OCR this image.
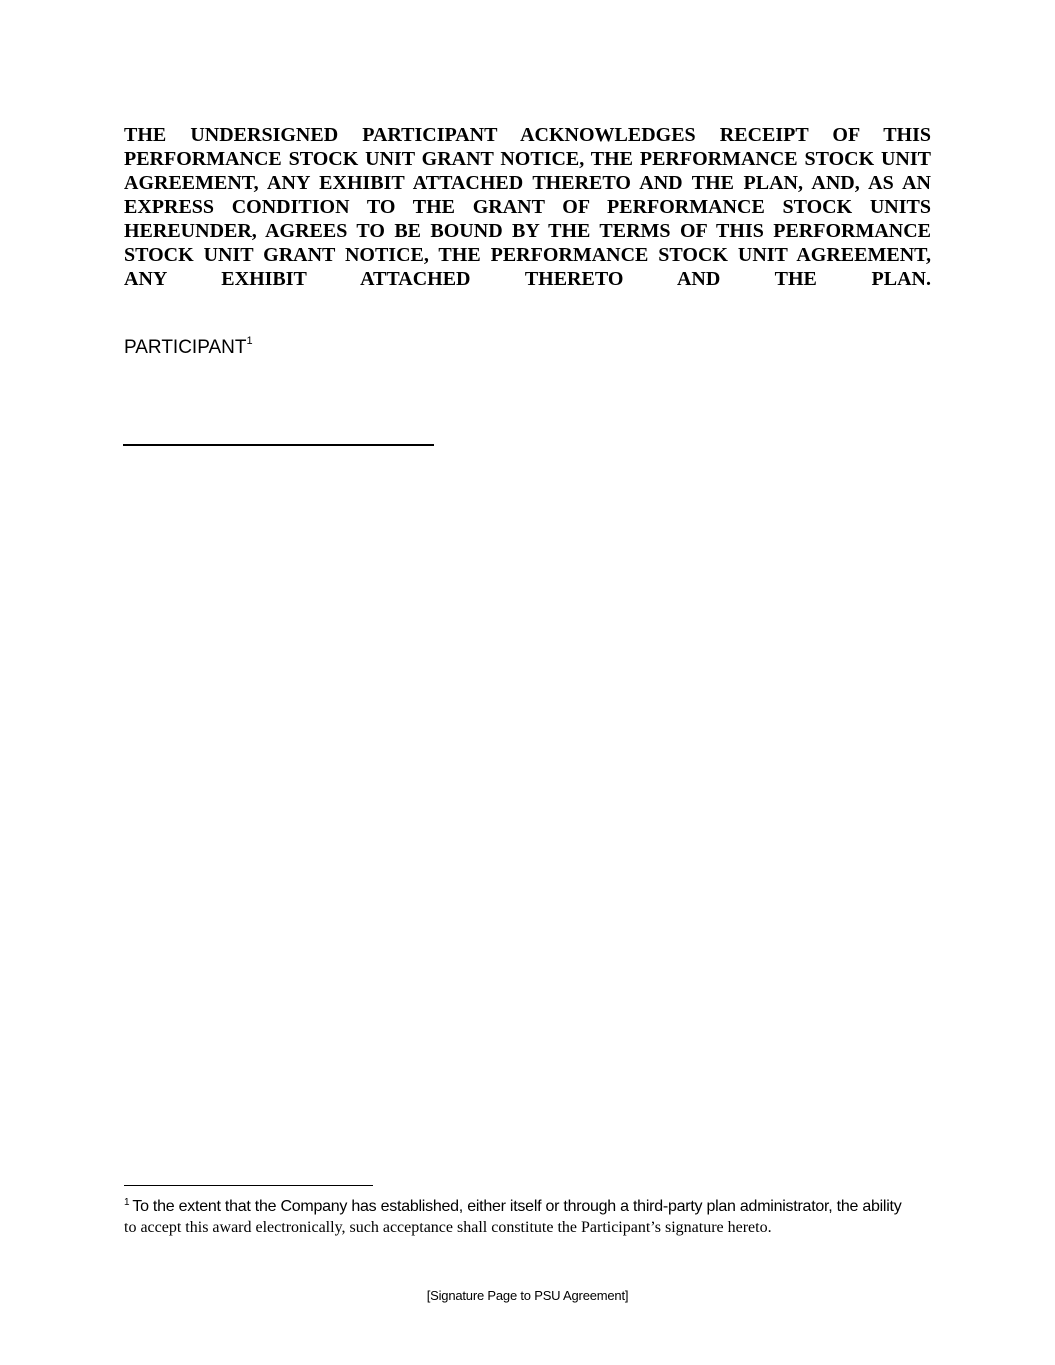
THE UNDERSIGNED PARTICIPANT ACKNOWLEDGES RECEIPT OF THIS PERFORMANCE STOCK UNIT GRANT NOTICE, THE PERFORMANCE STOCK UNIT AGREEMENT, ANY EXHIBIT ATTACHED THERETO AND THE PLAN, AND, AS AN EXPRESS CONDITION TO THE GRANT OF PERFORMANCE STOCK UNITS HEREUNDER, AGREES TO BE BOUND BY THE TERMS OF THIS PERFORMANCE STOCK UNIT GRANT NOTICE, THE PERFORMANCE STOCK UNIT AGREEMENT, ANY EXHIBIT ATTACHED THERETO AND THE PLAN.

PARTICIPANT$^1$

$^1$ To the extent that the Company has established, either itself or through a third-party plan administrator, the ability
to accept this award electronically, such acceptance shall constitute the Participant’s signature hereto.
[Signature Page to PSU Agreement]
